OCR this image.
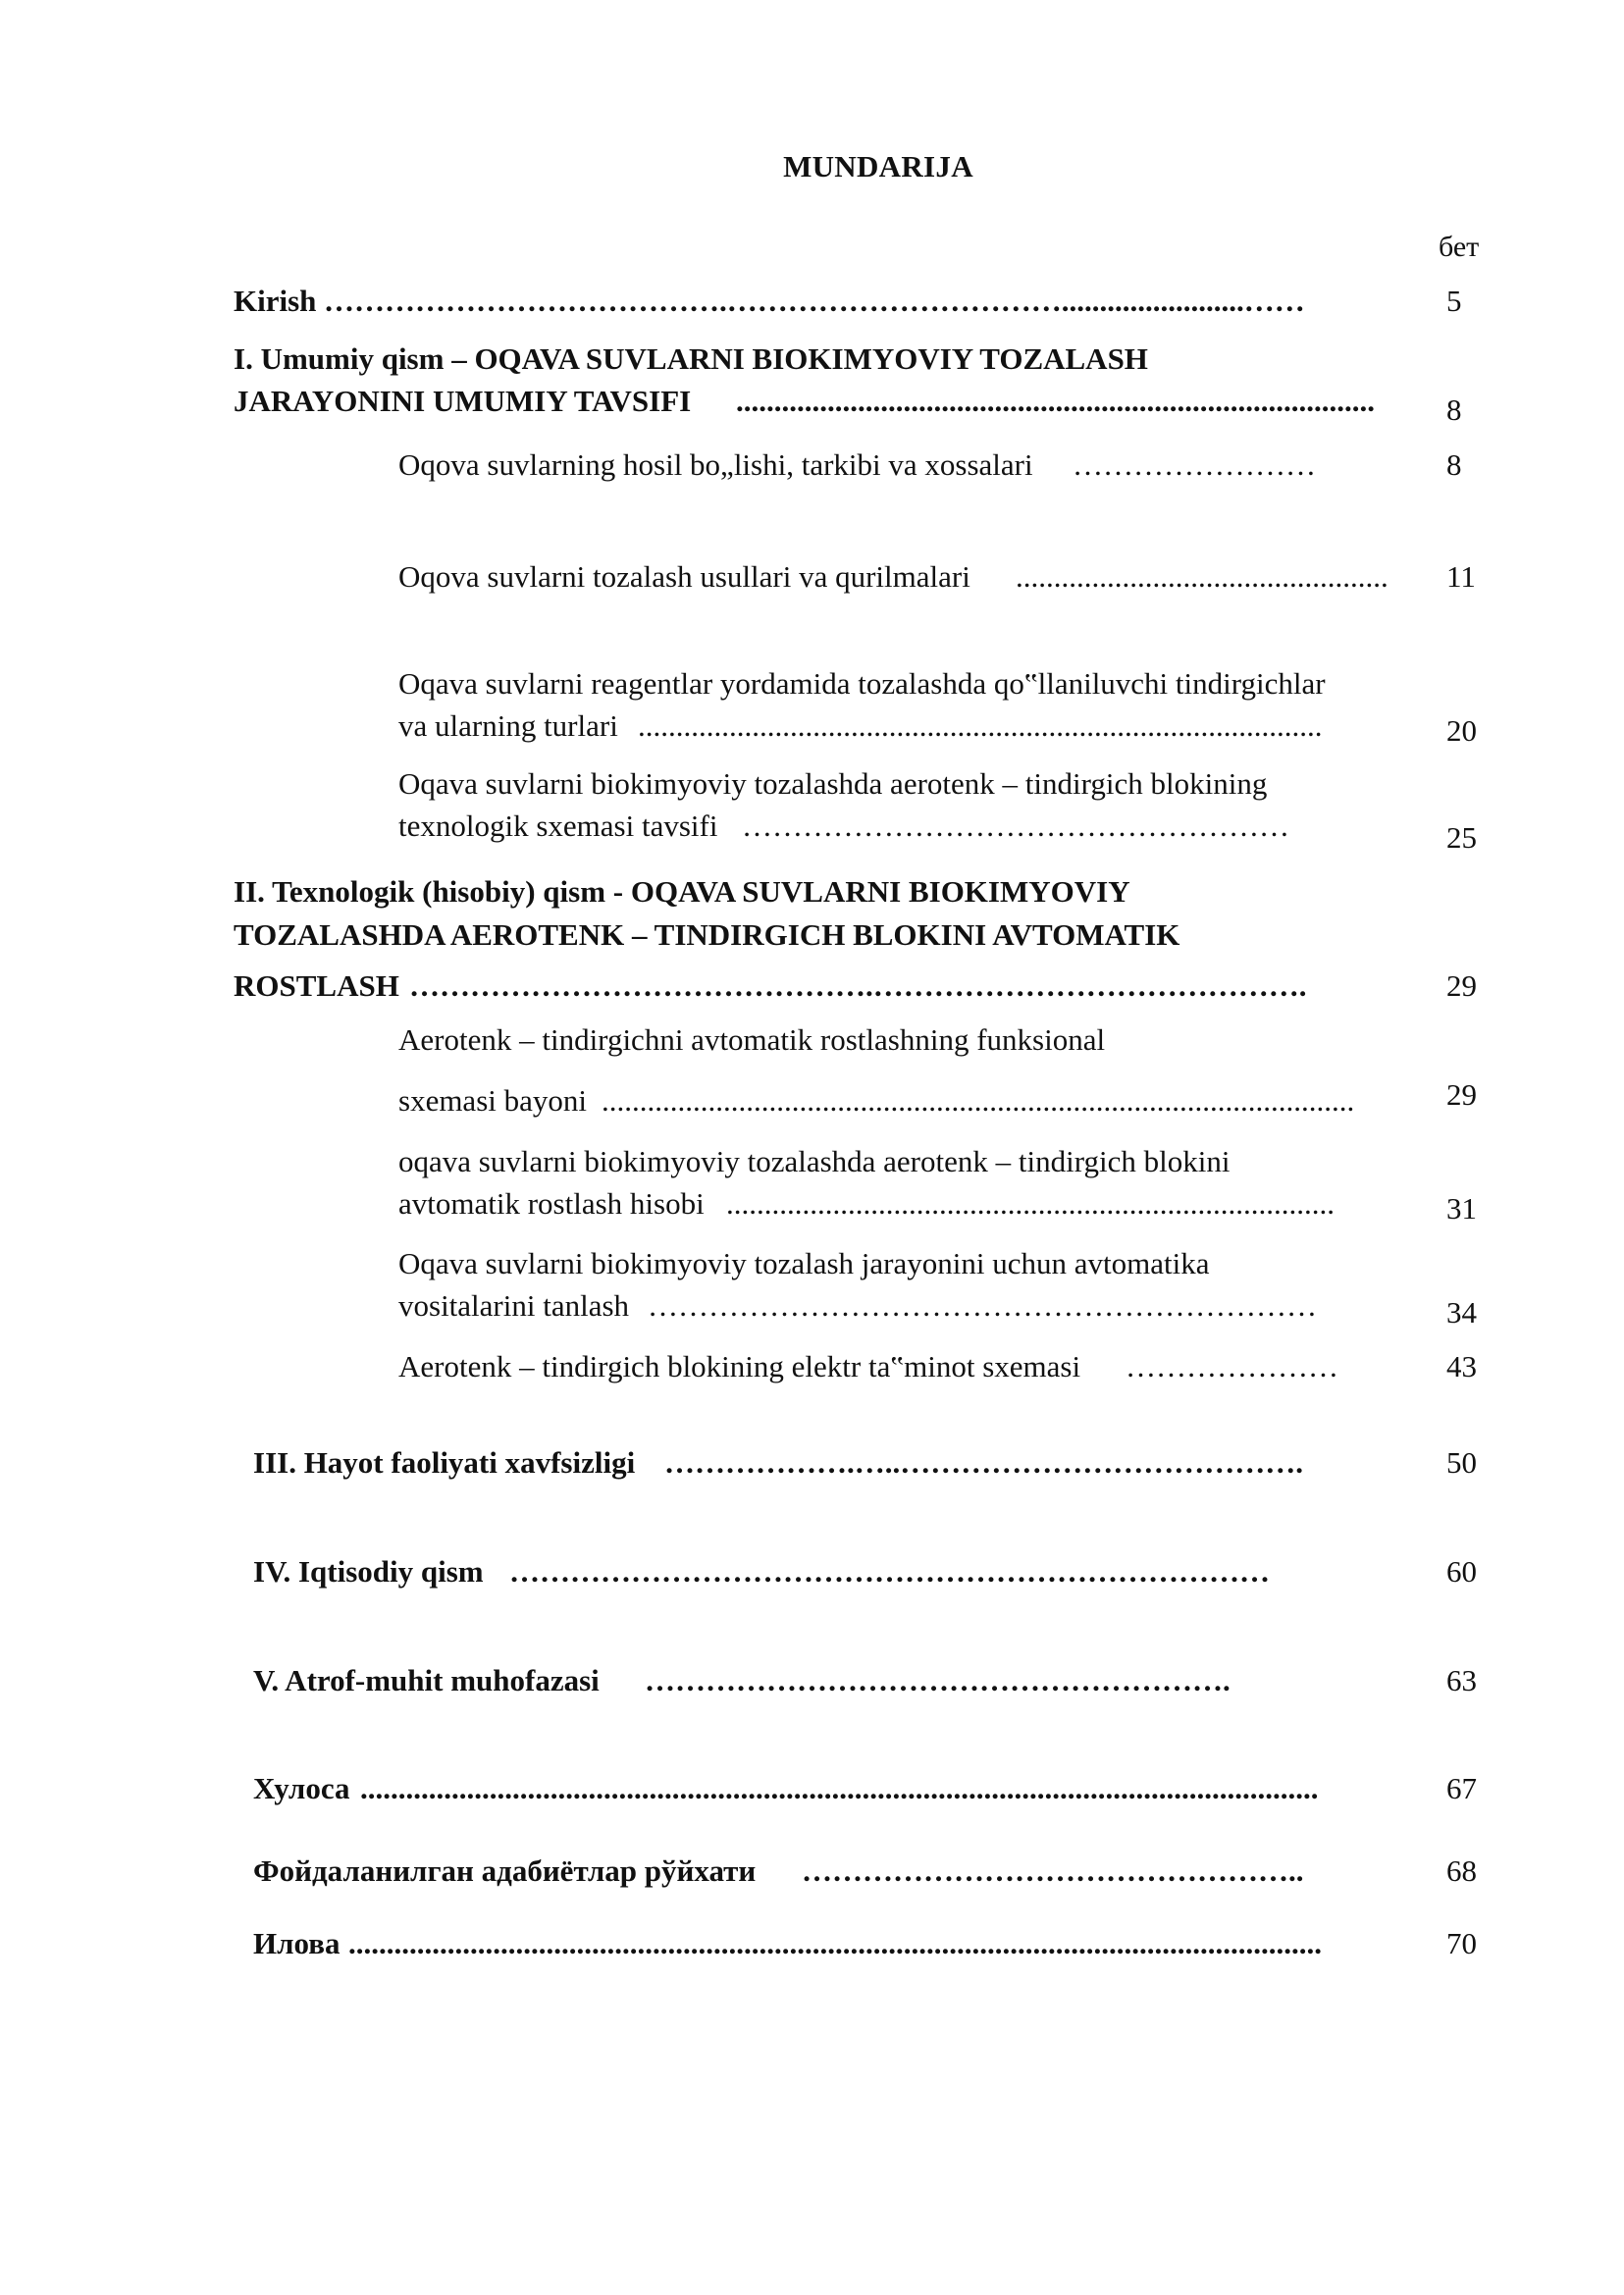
MUNDARIJA
бет
Kirish ………………………………….……………………………........................……	5
I. Umumiy qism – OQAVA SUVLARNI BIOKIMYOVIY TOZALASH
JARAYONINI UMUMIY TAVSIFI ....................................................................................	8
Oqova suvlarning hosil bo„lishi, tarkibi va xossalari ……………………	8
Oqova suvlarni tozalash usullari va qurilmalari .................................................	11
Oqava suvlarni reagentlar yordamida tozalashda qo‟llaniluvchi tindirgichlar
va ularning turlari ..........................................................................................	20
Oqava suvlarni biokimyoviy tozalashda aerotenk – tindirgich blokining
texnologik sxemasi tavsifi ………………………………………………	25
II. Texnologik (hisobiy) qism - OQAVA SUVLARNI BIOKIMYOVIY
TOZALASHDA AEROTENK – TINDIRGICH BLOKINI AVTOMATIK
ROSTLASH ……………………………………….…………………………………….	29
Aerotenk – tindirgichni avtomatik rostlashning funksional
sxemasi bayoni ...................................................................................................	29
oqava suvlarni biokimyoviy tozalashda aerotenk – tindirgich blokini
avtomatik rostlash hisobi ................................................................................	31
Oqava suvlarni biokimyoviy tozalash jarayonini uchun avtomatika
vositalarini tanlash …………………………………………………………	34
Aerotenk – tindirgich blokining elektr ta‟minot sxemasi …………………	43
III. Hayot faoliyati xavfsizligi ……………….…..………………………………….	50
IV. Iqtisodiy qism …………………………………………………………………	60
V. Atrof-muhit muhofazasi ………………………………………………….	63
Хулоса ..............................................................................................................................	67
Фойдаланилган адабиётлар рўйхати …………………………………………..	68
Илова ................................................................................................................................	70
